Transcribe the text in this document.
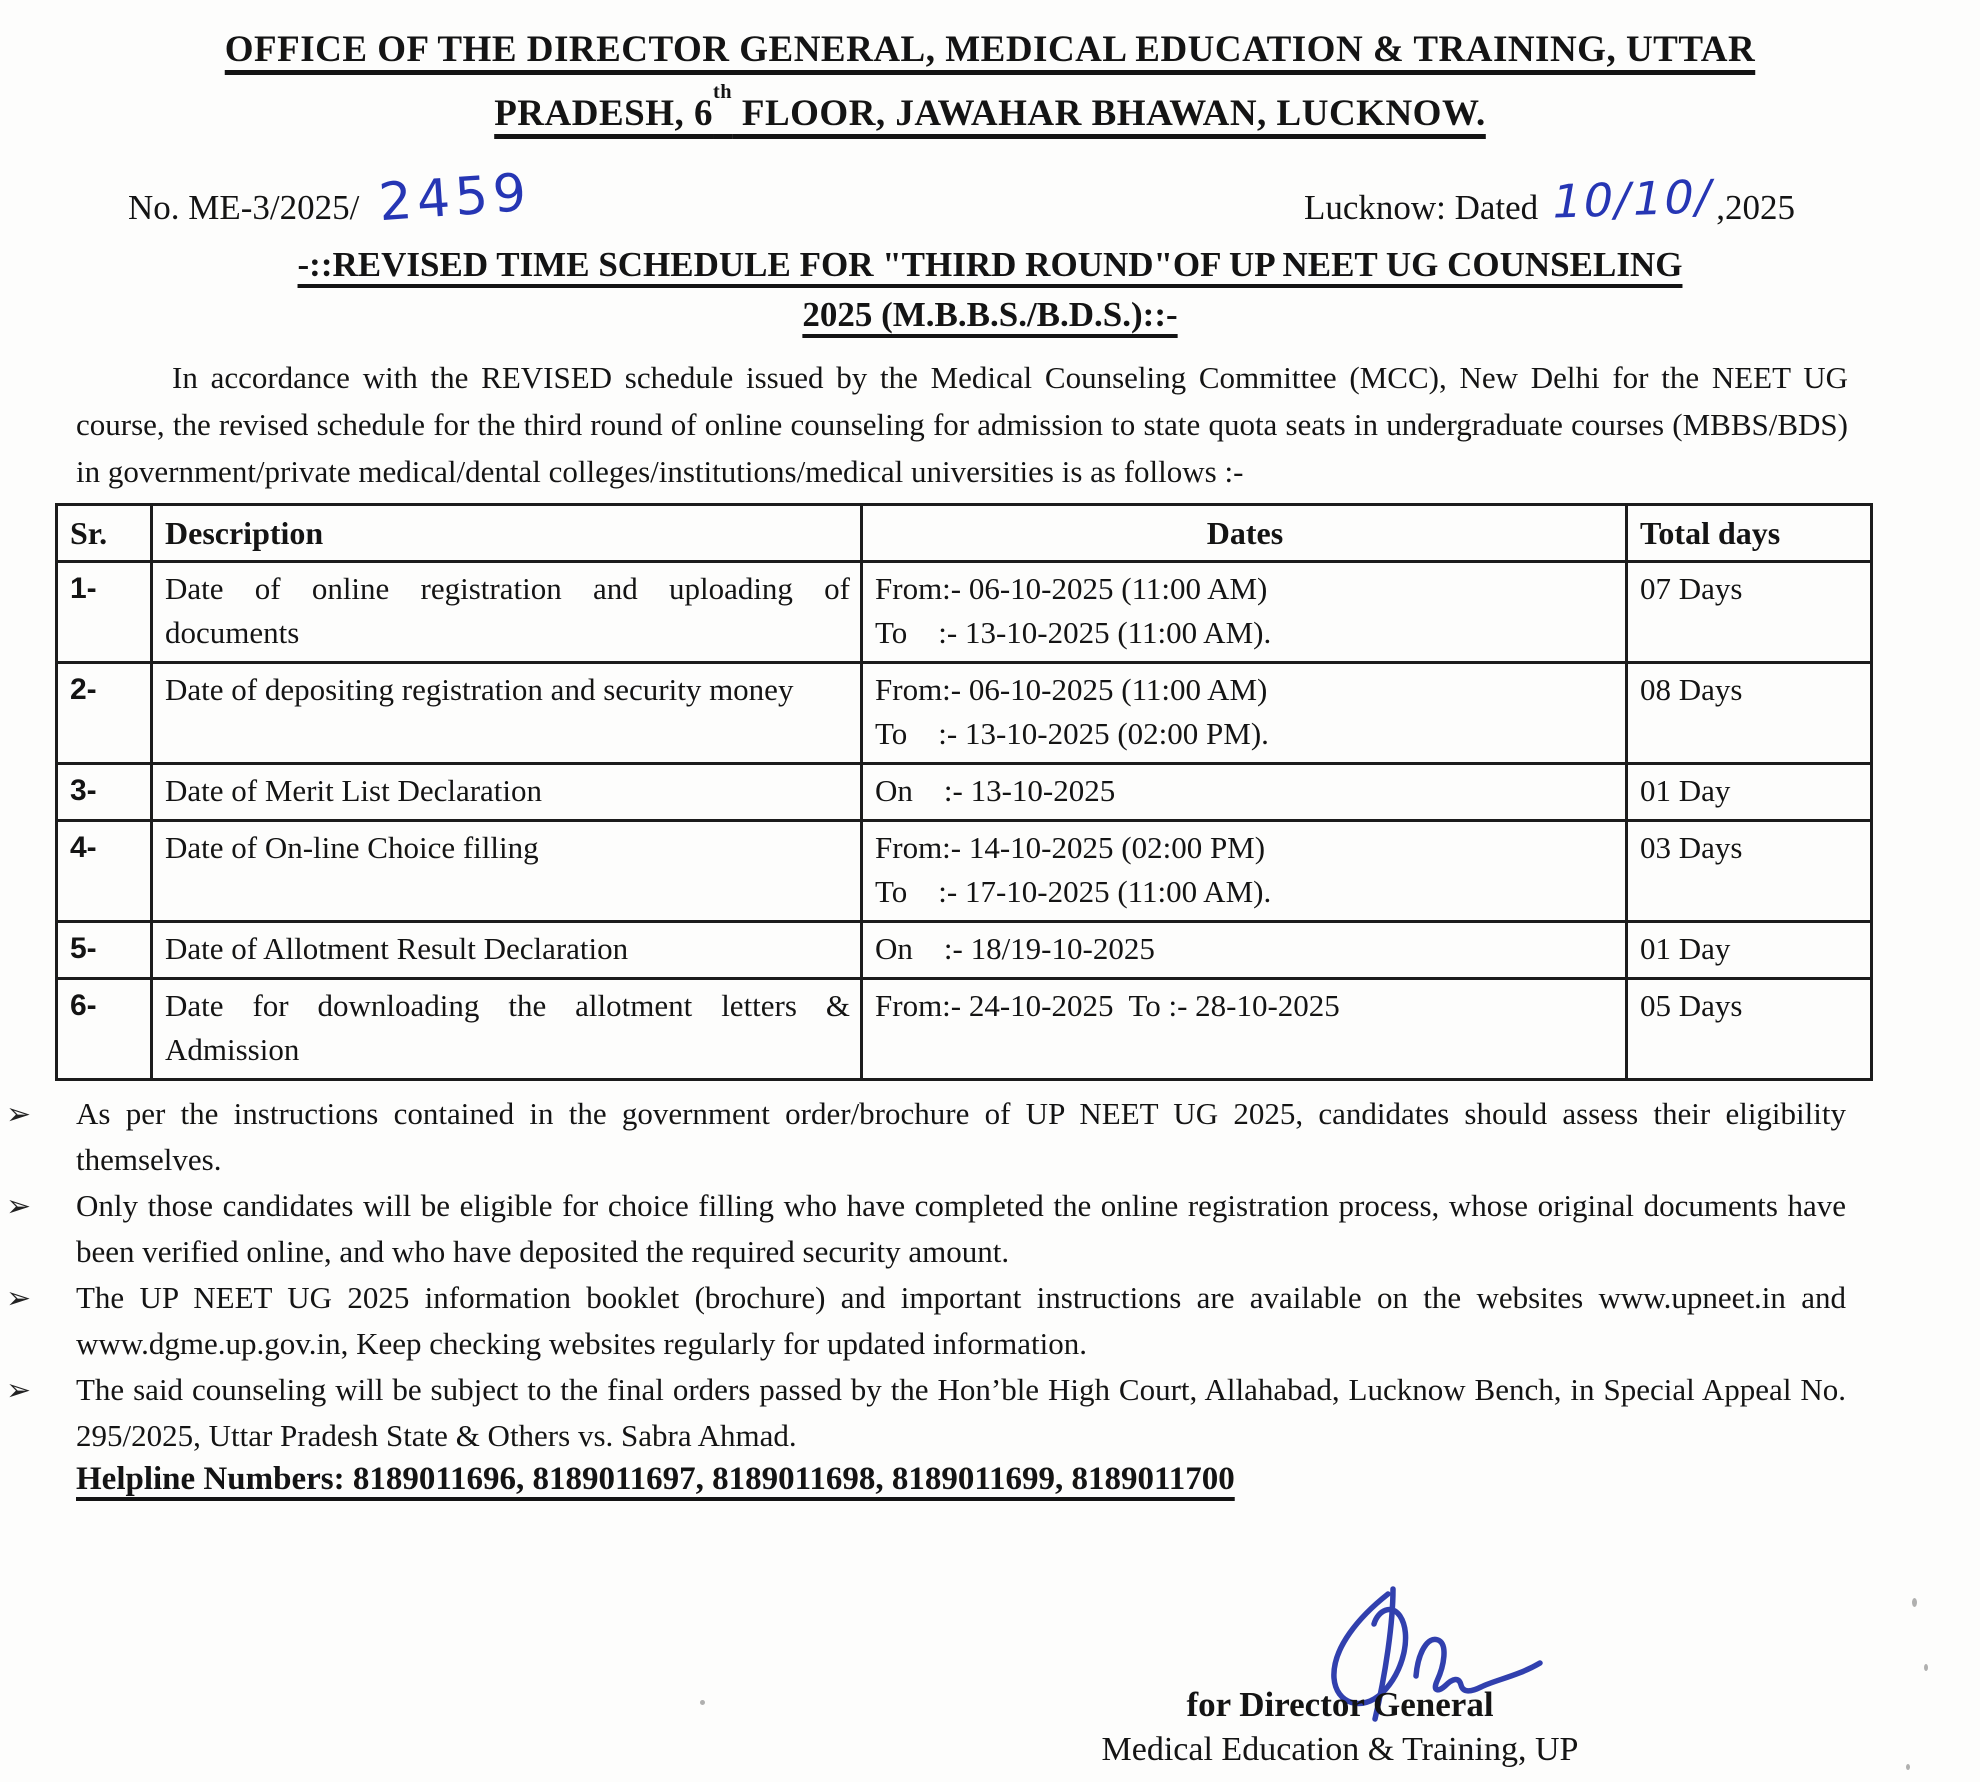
OFFICE OF THE DIRECTOR GENERAL, MEDICAL EDUCATION & TRAINING, UTTAR
PRADESH, 6th FLOOR, JAWAHAR BHAWAN, LUCKNOW.
No. ME-3/2025/ 2459	Lucknow: Dated 10/10/,2025
-::REVISED TIME SCHEDULE FOR "THIRD ROUND"OF UP NEET UG COUNSELING
2025 (M.B.B.S./B.D.S.)::-

In accordance with the REVISED schedule issued by the Medical Counseling Committee (MCC), New Delhi for the NEET UG course, the revised schedule for the third round of online counseling for admission to state quota seats in undergraduate courses (MBBS/BDS) in government/private medical/dental colleges/institutions/medical universities is as follows :-

Sr.	Description	Dates	Total days
1-	Date of online registration and uploading of documents	From:- 06-10-2025 (11:00 AM)
To    :- 13-10-2025 (11:00 AM).	07 Days
2-	Date of depositing registration and security money	From:- 06-10-2025 (11:00 AM)
To    :- 13-10-2025 (02:00 PM).	08 Days
3-	Date of Merit List Declaration	On    :- 13-10-2025	01 Day
4-	Date of On-line Choice filling	From:- 14-10-2025 (02:00 PM)
To    :- 17-10-2025 (11:00 AM).	03 Days
5-	Date of Allotment Result Declaration	On    :- 18/19-10-2025	01 Day
6-	Date for downloading the allotment letters & Admission	From:- 24-10-2025  To :- 28-10-2025	05 Days
➢ As per the instructions contained in the government order/brochure of UP NEET UG 2025, candidates should assess their eligibility themselves.
➢ Only those candidates will be eligible for choice filling who have completed the online registration process, whose original documents have been verified online, and who have deposited the required security amount.
➢ The UP NEET UG 2025 information booklet (brochure) and important instructions are available on the websites www.upneet.in and www.dgme.up.gov.in, Keep checking websites regularly for updated information.
➢ The said counseling will be subject to the final orders passed by the Hon’ble High Court, Allahabad, Lucknow Bench, in Special Appeal No. 295/2025, Uttar Pradesh State & Others vs. Sabra Ahmad.
Helpline Numbers: 8189011696, 8189011697, 8189011698, 8189011699, 8189011700
for Director General
Medical Education & Training, UP
